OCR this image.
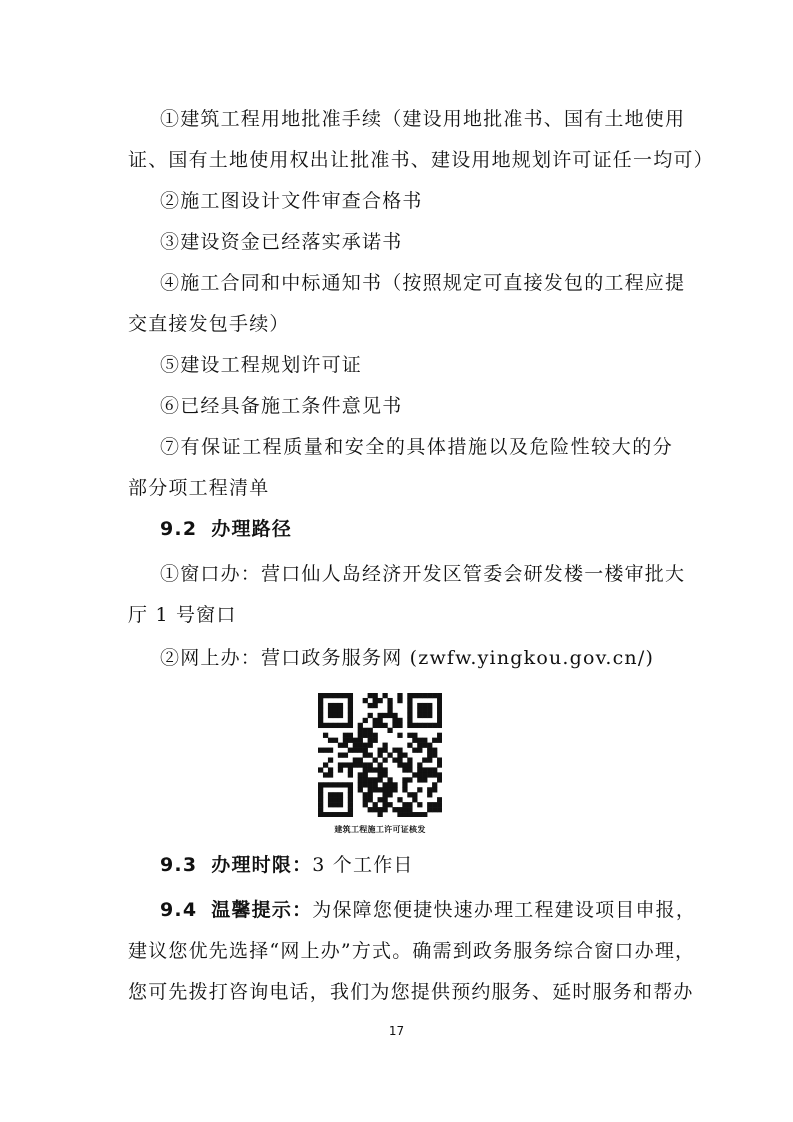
①建筑工程用地批准手续（建设用地批准书、国有土地使用
证、国有土地使用权出让批准书、建设用地规划许可证任一均可）
②施工图设计文件审查合格书
③建设资金已经落实承诺书
④施工合同和中标通知书（按照规定可直接发包的工程应提
交直接发包手续）
⑤建设工程规划许可证
⑥已经具备施工条件意见书
⑦有保证工程质量和安全的具体措施以及危险性较大的分
部分项工程清单
9.2 办理路径
①窗口办：营口仙人岛经济开发区管委会研发楼一楼审批大
厅 1 号窗口
②网上办：营口政务服务网 (zwfw.yingkou.gov.cn/)
建筑工程施工许可证核发
9.3 办理时限：3 个工作日
9.4 温馨提示：为保障您便捷快速办理工程建设项目申报，
建议您优先选择“网上办”方式。确需到政务服务综合窗口办理，
您可先拨打咨询电话，我们为您提供预约服务、延时服务和帮办
17
